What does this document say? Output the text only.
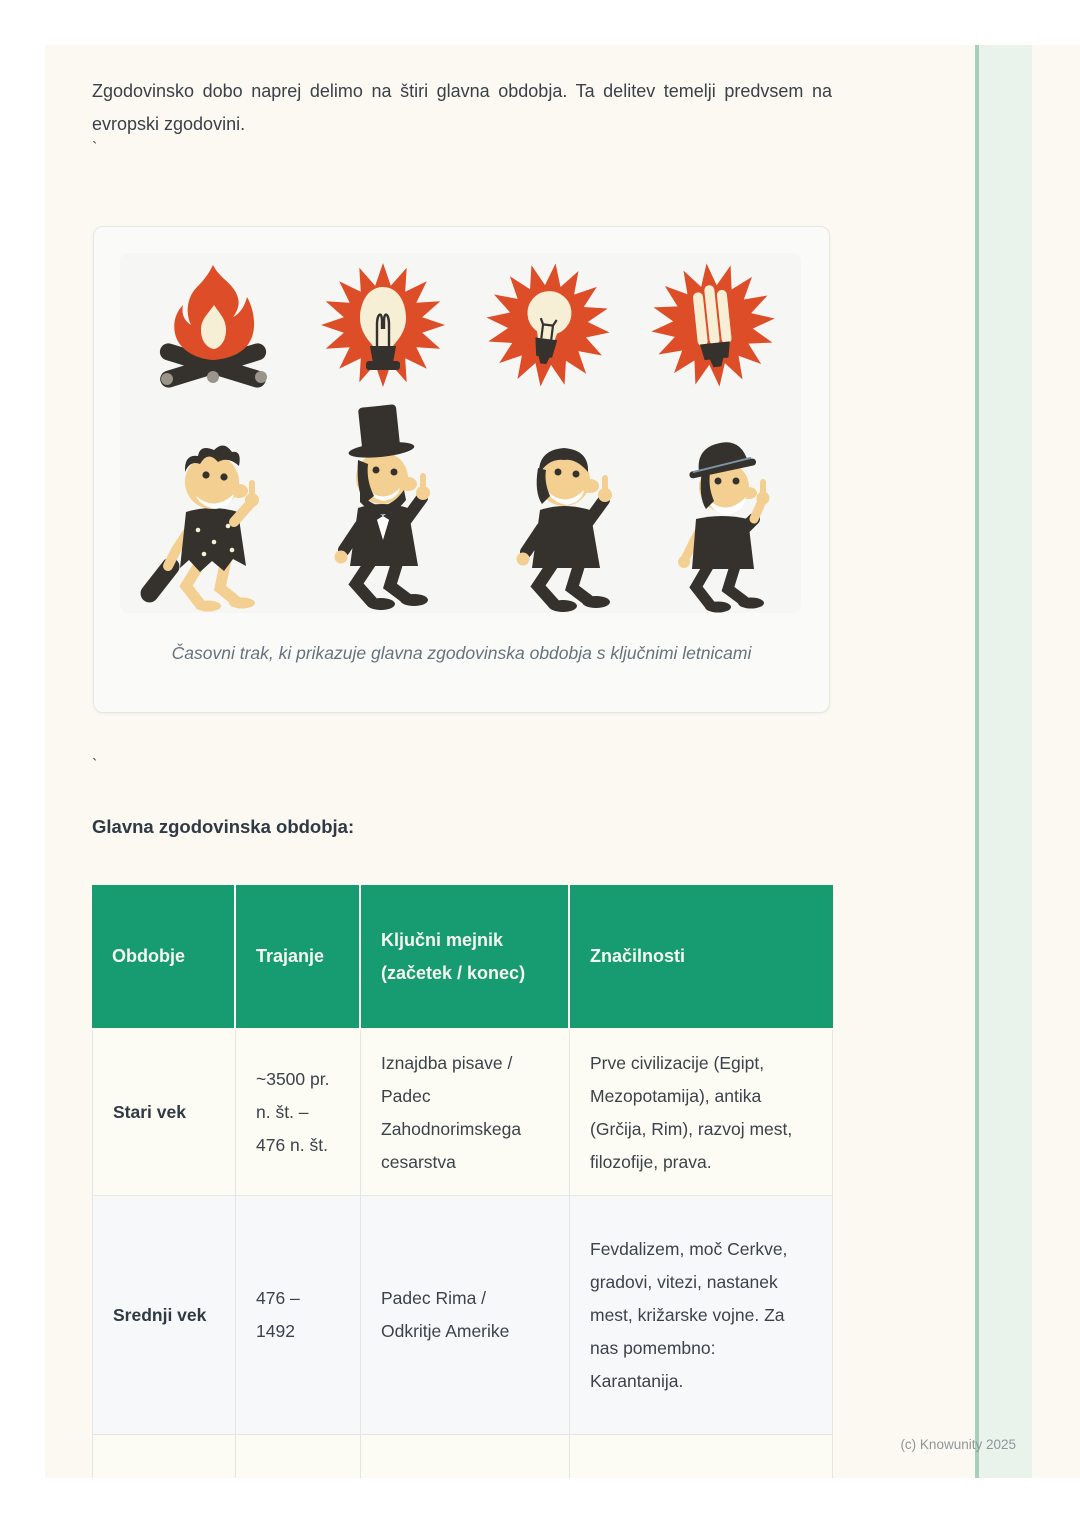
Zgodovinsko dobo naprej delimo na štiri glavna obdobja. Ta delitev temelji predvsem na evropski zgodovini.

`
Časovni trak, ki prikazuje glavna zgodovinska obdobja s ključnimi letnicami
`
Glavna zgodovinska obdobja:
Obdobje	Trajanje	Ključni mejnik (začetek / konec)	Značilnosti
Stari vek	~3500 pr. n. št. – 476 n. št.	Iznajdba pisave / Padec Zahodnorimskega cesarstva	Prve civilizacije (Egipt, Mezopotamija), antika (Grčija, Rim), razvoj mest, filozofije, prava.
Srednji vek	476 – 1492	Padec Rima / Odkritje Amerike	Fevdalizem, moč Cerkve, gradovi, vitezi, nastanek mest, križarske vojne. Za nas pomembno: Karantanija.

(c) Knowunity 2025
